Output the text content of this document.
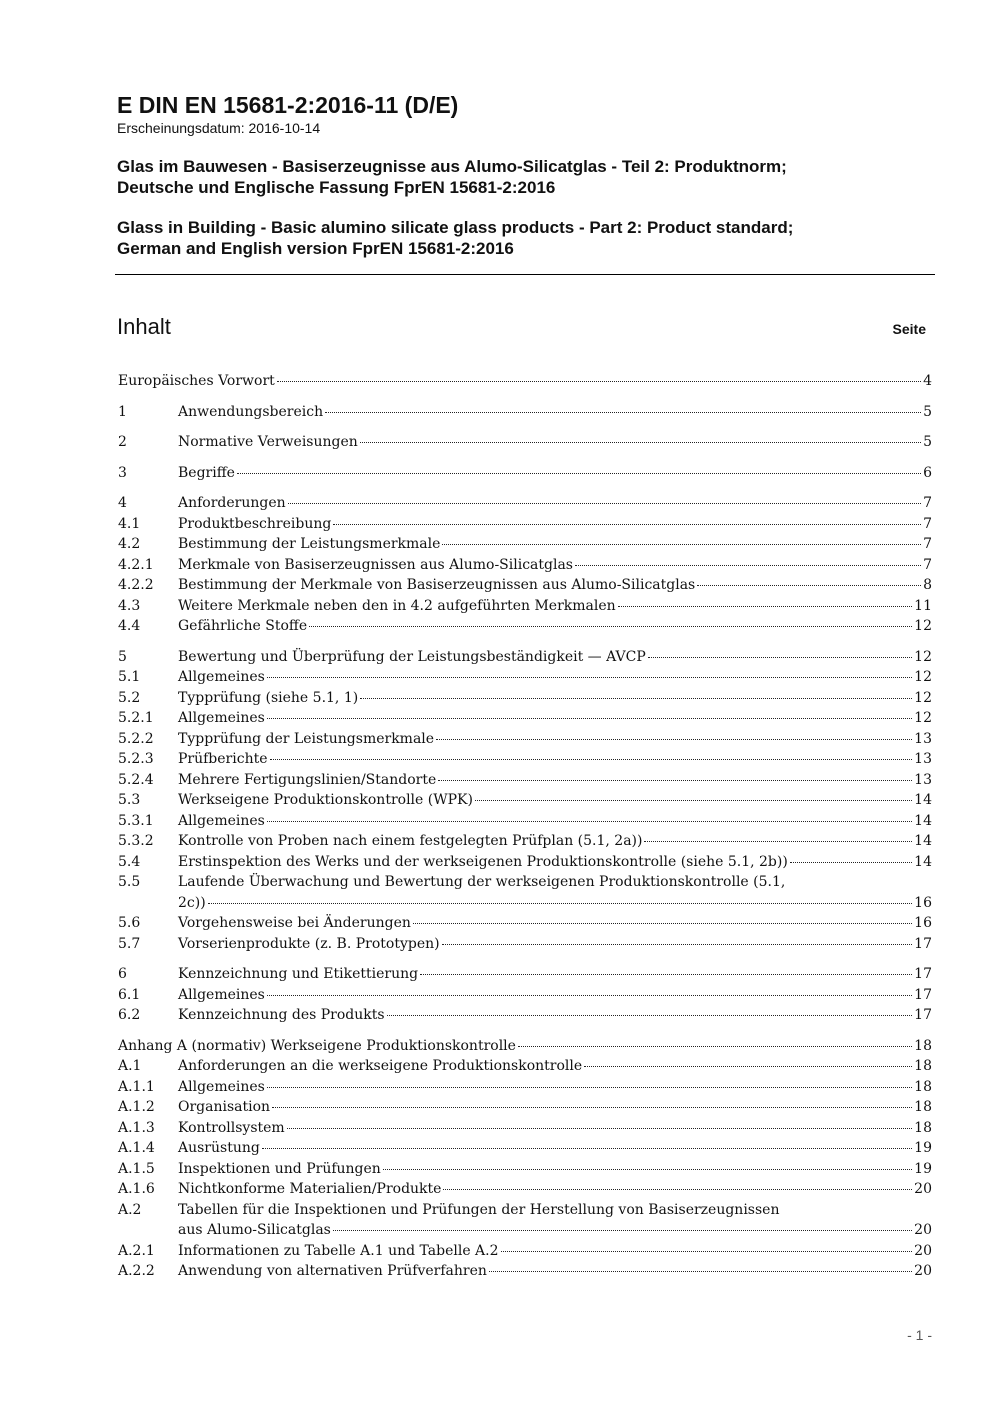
E DIN EN 15681-2:2016-11 (D/E)
Erscheinungsdatum: 2016-10-14
Glas im Bauwesen - Basiserzeugnisse aus Alumo-Silicatglas - Teil 2: Produktnorm;
Deutsche und Englische Fassung FprEN 15681-2:2016
Glass in Building - Basic alumino silicate glass products - Part 2: Product standard;
German and English version FprEN 15681-2:2016
Inhalt	Seite
Europäisches Vorwort	4
1	Anwendungsbereich	5
2	Normative Verweisungen	5
3	Begriffe	6
4	Anforderungen	7
4.1	Produktbeschreibung	7
4.2	Bestimmung der Leistungsmerkmale	7
4.2.1 Merkmale von Basiserzeugnissen aus Alumo-Silicatglas	7
4.2.2 Bestimmung der Merkmale von Basiserzeugnissen aus Alumo-Silicatglas	8
4.3	Weitere Merkmale neben den in 4.2 aufgeführten Merkmalen	11
4.4	Gefährliche Stoffe	12
5	Bewertung und Überprüfung der Leistungsbeständigkeit — AVCP	12
5.1	Allgemeines	12
5.2	Typprüfung (siehe 5.1, 1)	12
5.2.1 Allgemeines	12
5.2.2 Typprüfung der Leistungsmerkmale	13
5.2.3 Prüfberichte	13
5.2.4 Mehrere Fertigungslinien/Standorte	13
5.3	Werkseigene Produktionskontrolle (WPK)	14
5.3.1 Allgemeines	14
5.3.2 Kontrolle von Proben nach einem festgelegten Prüfplan (5.1, 2a))	14
5.4	Erstinspektion des Werks und der werkseigenen Produktionskontrolle (siehe 5.1, 2b))	14
5.5	Laufende Überwachung und Bewertung der werkseigenen Produktionskontrolle (5.1,
2c))	16
5.6	Vorgehensweise bei Änderungen	16
5.7	Vorserienprodukte (z. B. Prototypen)	17
6	Kennzeichnung und Etikettierung	17
6.1	Allgemeines	17
6.2	Kennzeichnung des Produkts	17
Anhang A (normativ) Werkseigene Produktionskontrolle	18
A.1	Anforderungen an die werkseigene Produktionskontrolle	18
A.1.1 Allgemeines	18
A.1.2 Organisation	18
A.1.3 Kontrollsystem	18
A.1.4 Ausrüstung	19
A.1.5 Inspektionen und Prüfungen	19
A.1.6 Nichtkonforme Materialien/Produkte	20
A.2	Tabellen für die Inspektionen und Prüfungen der Herstellung von Basiserzeugnissen
aus Alumo-Silicatglas	20
A.2.1 Informationen zu Tabelle A.1 und Tabelle A.2	20
A.2.2 Anwendung von alternativen Prüfverfahren	20
- 1 -
